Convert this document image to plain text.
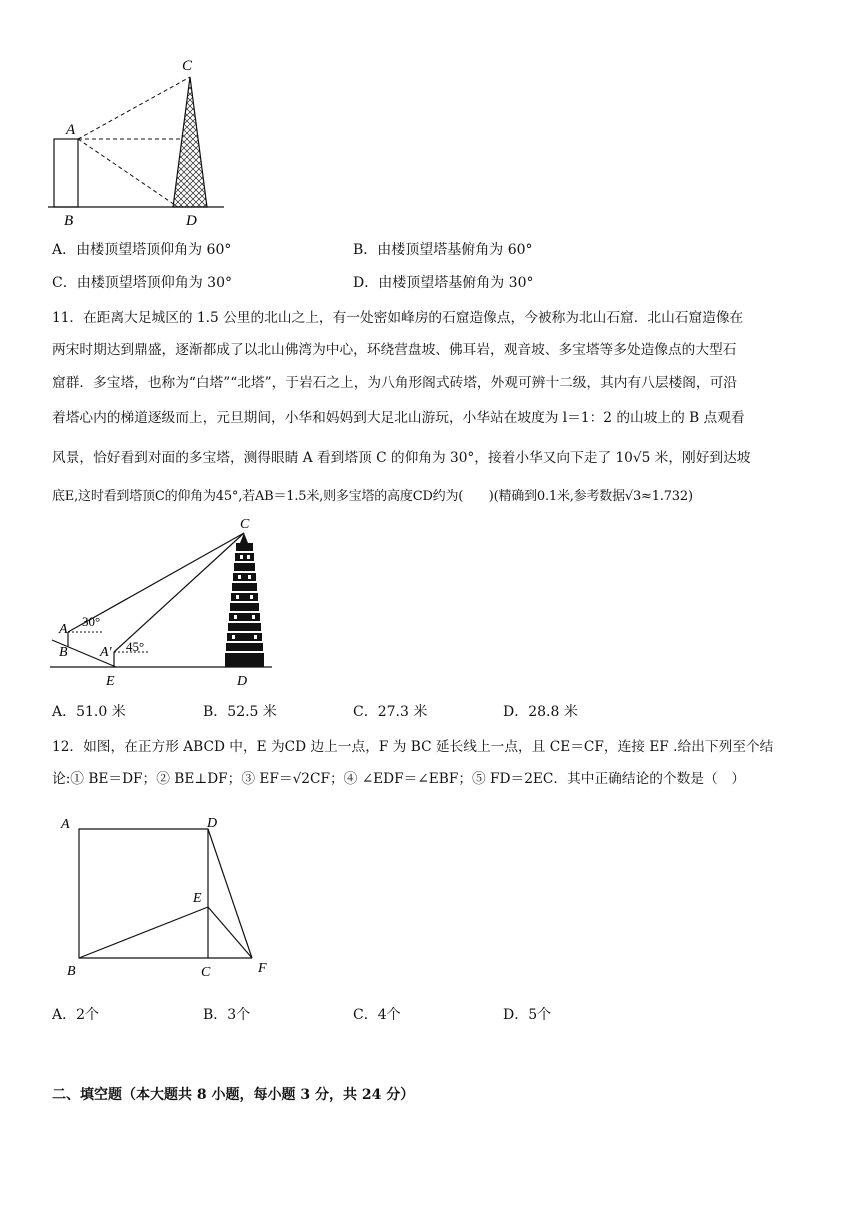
C
A
B	D
A．由楼顶望塔顶仰角为 60°	B．由楼顶望塔基俯角为 60°
C．由楼顶望塔顶仰角为 30°	D．由楼顶望塔基俯角为 30°
11．在距离大足城区的 1.5 公里的北山之上，有一处密如峰房的石窟造像点，今被称为北山石窟．北山石窟造像在
两宋时期达到鼎盛，逐渐都成了以北山佛湾为中心，环绕营盘坡、佛耳岩，观音坡、多宝塔等多处造像点的大型石
窟群．多宝塔，也称为“白塔”“北塔”，于岩石之上，为八角形阁式砖塔，外观可辨十二级，其内有八层楼阁，可沿
着塔心内的梯道逐级而上，元旦期间，小华和妈妈到大足北山游玩，小华站在坡度为 l＝1：2 的山坡上的 B 点观看
风景，恰好看到对面的多宝塔，测得眼睛 A 看到塔顶 C 的仰角为 30°，接着小华又向下走了 10√5 米，刚好到达坡
底E,这时看到塔顶C的仰角为45°,若AB＝1.5米,则多宝塔的高度CD约为(　　)(精确到0.1米,参考数据√3≈1.732)
C
A
30°
B A′ 45°
E	D
A．51.0 米	B．52.5 米	C．27.3 米	D．28.8 米
12．如图，在正方形 ABCD 中，E 为CD 边上一点，F 为 BC 延长线上一点，且 CE＝CF，连接 EF .给出下列至个结
论:① BE＝DF；② BE⊥DF；③ EF＝√2CF；④ ∠EDF＝∠EBF；⑤ FD＝2EC．其中正确结论的个数是（　）
A	D
E
B	C	F
A．2个	B．3个	C．4个	D．5个
二、填空题（本大题共 8 小题，每小题 3 分，共 24 分）
